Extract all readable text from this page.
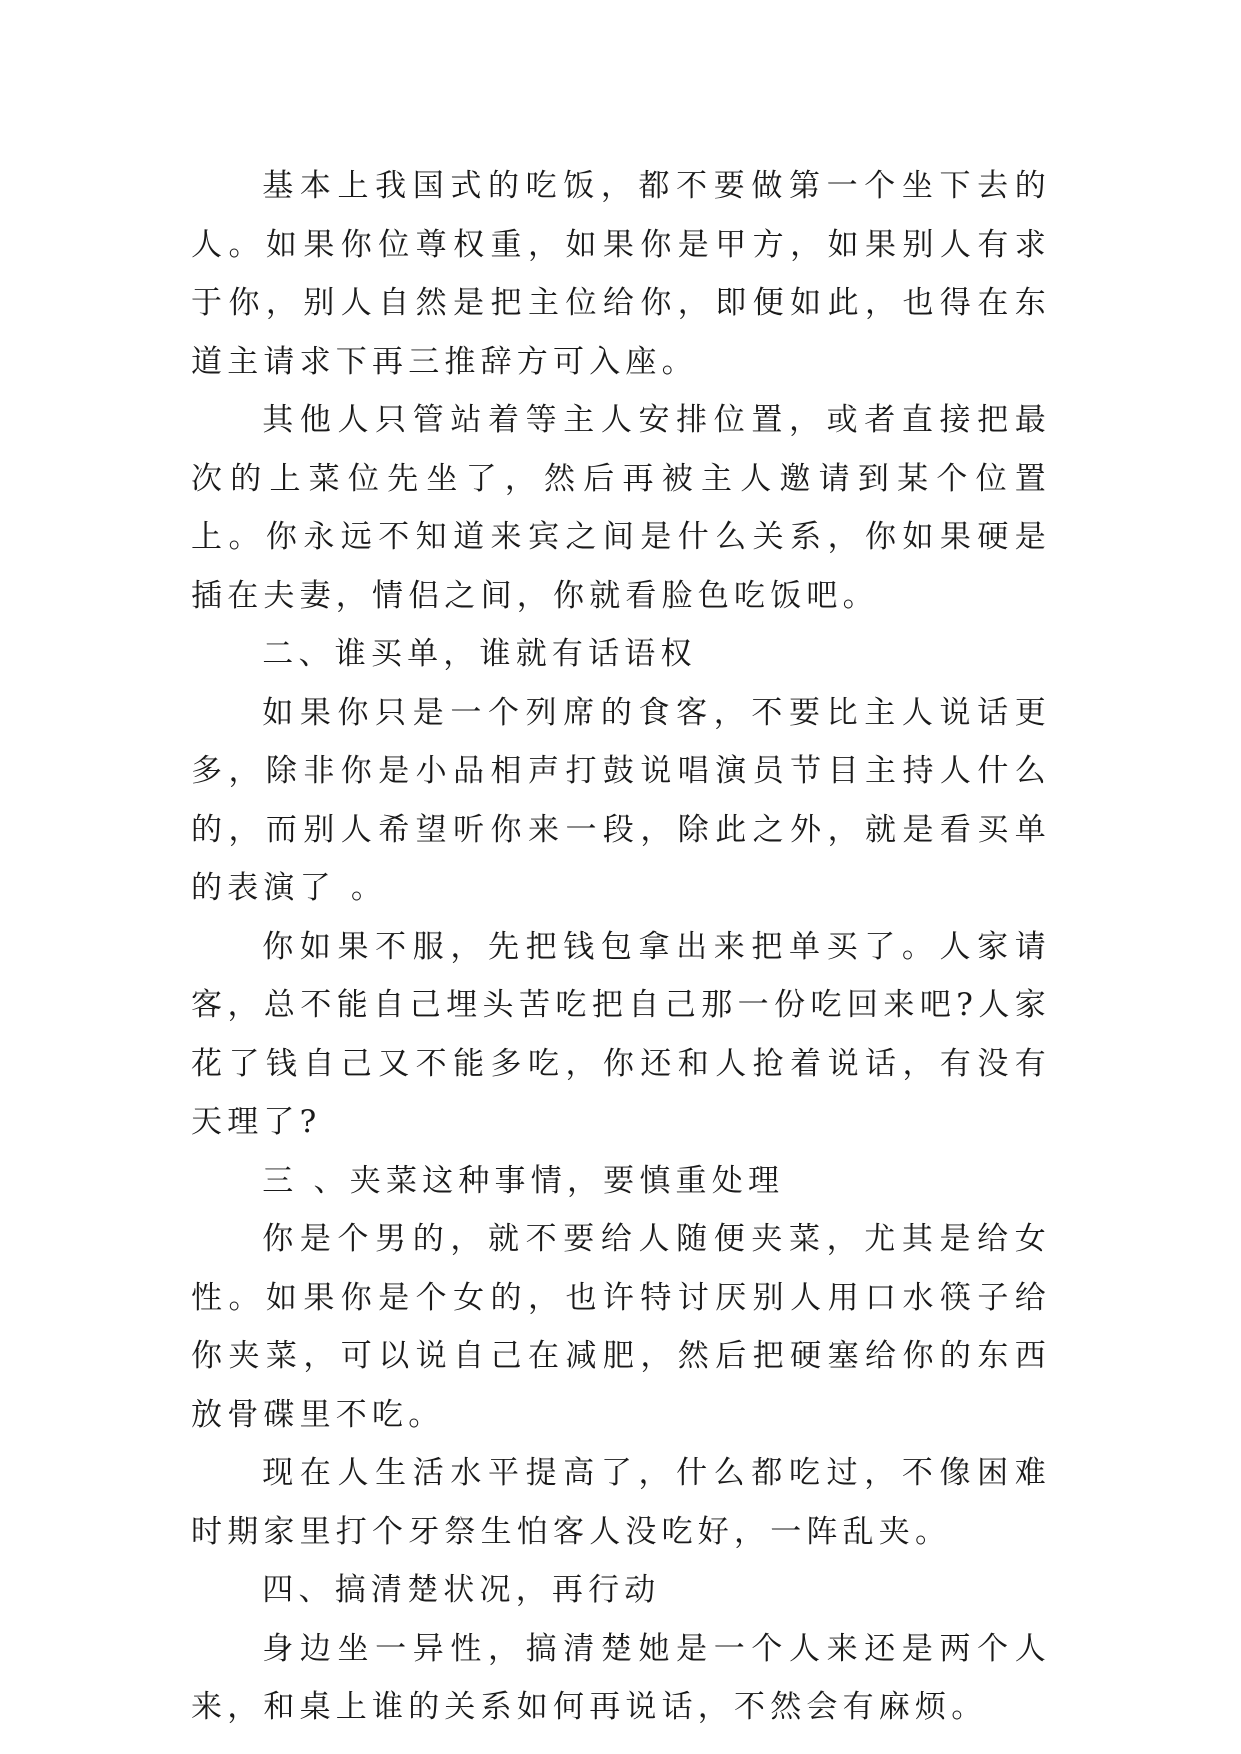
基本上我国式的吃饭，都不要做第一个坐下去的人。如果你位尊权重，如果你是甲方，如果别人有求于你，别人自然是把主位给你，即便如此，也得在东道主请求下再三推辞方可入座。

其他人只管站着等主人安排位置，或者直接把最次的上菜位先坐了，然后再被主人邀请到某个位置上。你永远不知道来宾之间是什么关系，你如果硬是插在夫妻，情侣之间，你就看脸色吃饭吧。

二、谁买单，谁就有话语权

如果你只是一个列席的食客，不要比主人说话更多，除非你是小品相声打鼓说唱演员节目主持人什么的，而别人希望听你来一段，除此之外，就是看买单的表演了 。

你如果不服，先把钱包拿出来把单买了。人家请客，总不能自己埋头苦吃把自己那一份吃回来吧?人家花了钱自己又不能多吃，你还和人抢着说话，有没有天理了?

三 、夹菜这种事情，要慎重处理

你是个男的，就不要给人随便夹菜，尤其是给女性。如果你是个女的，也许特讨厌别人用口水筷子给你夹菜，可以说自己在减肥，然后把硬塞给你的东西放骨碟里不吃。

现在人生活水平提高了，什么都吃过，不像困难时期家里打个牙祭生怕客人没吃好，一阵乱夹。

四、搞清楚状况，再行动

身边坐一异性，搞清楚她是一个人来还是两个人来，和桌上谁的关系如何再说话，不然会有麻烦。
